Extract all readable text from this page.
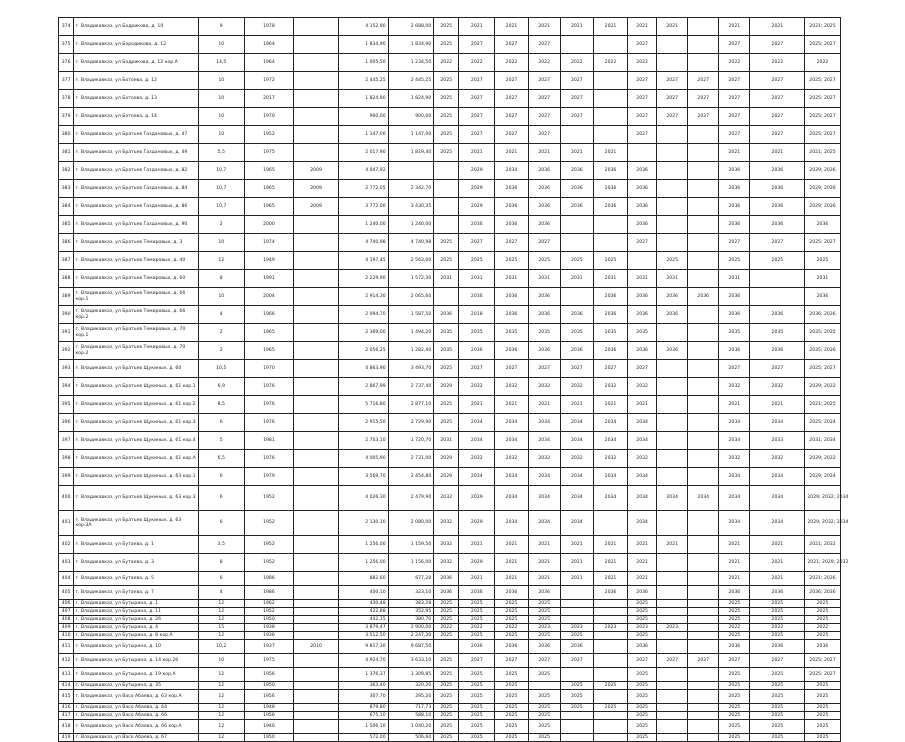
374	г. Владикавказ, ул Бодрикова, д. 10	9	1978		4 152,90	2 688,00	2025	2021	2021	2021	2021	2021	2021	2021		2021	2021	2021; 2025
375	г. Владикавказ, ул Бородикова, д. 12	10	1964		1 834,90	1 834,90	2025	2027	2027	2027			2027			2027	2027	2025; 2027
376	г. Владикавказ, ул Бодрикова, д. 12 кор А	14,5	1964		1 005,50	1 234,50	2022	2022	2022	2022	2022	2022	2022			2022	2022	2022
377	г. Владикавказ, ул Ботоева, д. 12	10	1972		2 445,25	2 445,25	2025	2027	2027	2027	2027		2027	2027	2027	2027	2027	2025; 2027
378	г. Владикавказ, ул Ботоева, д. 13	10	2017		1 824,90	1 824,90	2025	2027	2027	2027	2027		2027	2027	2027	2027	2027	2025; 2027
379	г. Владикавказ, ул Ботоева, д. 14	10	1970		900,00	900,00	2025	2027	2027	2027	2027		2027	2027	2027	2027	2027	2025; 2027
380	г. Владикавказ, ул Братьев Газдановых, д. 47	10	1952		1 147,00	1 147,00	2025	2027	2027	2027			2027			2027	2027	2025; 2027
381	г. Владикавказ, ул Братьев Газдановых, д. 49	5,5	1975		2 017,90	1 819,40	2025	2021	2021	2021	2021	2021				2021	2021	2021; 2025
382	г. Владикавказ, ул Братьев Газдановых, д. 82	10,7	1965	2009	4 047,92			2029	2034	2036	2036	2036	2036			2036	2036	2029; 2036
383	г. Владикавказ, ул Братьев Газдановых, д. 84	10,7	1965	2009	2 772,05	2 342,70		2029	2036	2036	2036	2036	2036			2036	2036	2029; 2036
384	г. Владикавказ, ул Братьев Газдановых, д. 86	10,7	1965	2009	3 772,00	3 430,35		2029	2036	2036	2036	2036	2036			2036	2036	2029; 2036
385	г. Владикавказ, ул Братьев Газдановых, д. 90	2	2000		1 240,00	1 240,00		2036	2036	2036			2036			2036	2036	2036
386	г. Владикавказ, ул Братьев Темировых, д. 3	10	1974		4 740,98	4 740,98	2025	2027	2027	2027			2027			2027	2027	2025; 2027
387	г. Владикавказ, ул Братьев Темировых, д. 40	12	1949		4 197,45	2 563,00	2025	2025	2025	2025	2025	2025		2025		2025	2025	2025
388	г. Владикавказ, ул Братьев Темировых, д. 60	8	1991		2 229,90	1 572,30	2031	2031	2031	2031	2031	2031	2031	2031		2031		2031
389	г. Владикавказ, ул Братьев Темировых, д. 66 кор.1	10	2004		2 914,30	2 065,60		2036	2036	2036		2036	2036	2036	2036	2036		2036
390	г. Владикавказ, ул Братьев Темировых, д. 66 кор.2	4	1966		2 094,70	1 587,50	2036	2018	2036	2036	2036	2036	2036	2036		2036	2036	2036; 2036
391	г. Владикавказ, ул Братьев Темировых, д. 70 кор.1	2	1965		2 369,00	1 494,20	2035	2035	2035	2035	2035	2035	2035			2035	2035	2035; 2035
392	г. Владикавказ, ул Братьев Темировых, д. 70 кор.2	2	1965		2 056,25	1 282,40	2035	2036	2036	2036	2036	2036	2036	2036		2036	2036	2035; 2036
393	г. Владикавказ, ул Братьев Щукиных, д. 60	10,5	1970		4 863,90	3 493,70	2025	2027	2027	2027	2027	2027	2027			2027	2027	2025; 2027
394	г. Владикавказ, ул Братьев Щукиных, д. 61 кор.1	6,9	1976		2 867,99	2 737,40	2029	2032	2032	2032	2032	2032	2032			2032	2032	2029; 2032
395	г. Владикавказ, ул Братьев Щукиных, д. 61 кор.2	8,5	1976		5 716,80	2 877,10	2025	2021	2021	2021	2021	2021	2021			2021	2021	2021; 2025
396	г. Владикавказ, ул Братьев Щукиных, д. 61 кор.3	6	1976		2 915,50	2 729,90	2025	2034	2034	2034	2034	2034	2034			2034	2034	2025; 2034
397	г. Владикавказ, ул Братьев Щукиных, д. 61 кор.4	5	1981		2 703,10	1 720,70	2031	2034	2034	2034	2034	2034	2034			2034	2033	2031; 2034
398	г. Владикавказ, ул Братьев Щукиных, д. 61 кор.А	6,5	1976		4 005,90	2 731,00	2029	2032	2032	2032	2032	2032	2032			2032	2032	2029; 2032
399	г. Владикавказ, ул Братьев Щукиных, д. 63 кор.1	6	1979		3 569,70	2 454,80	2029	2034	2034	2034	2034	2034	2034			2034	2034	2029; 2034
400	г. Владикавказ, ул Братьев Щукиных, д. 63 кор.3	6	1952		4 026,30	2 479,90	2032	2029	2034	2034	2034	2034	2034	2034	2034	2034	2034	2029; 2032; 2034
401	г. Владикавказ, ул Братьев Щукиных, д. 63 кор.3А	6	1952		2 130,10	2 080,00	2032	2029	2034	2034	2034		2034			2034	2034	2029; 2032; 2034
402	г. Владикавказ, ул Бутаева, д. 1	3,5	1952		1 256,00	1 159,50	2032	2021	2021	2021	2021	2021	2021	2021		2021	2021	2021; 2032
403	г. Владикавказ, ул Бутаева, д. 3	8	1952		1 256,00	1 156,00	2032	2029	2021	2021	2021	2021	2021			2021	2021	2021; 2029; 2032
404	г. Владикавказ, ул Бутаева, д. 5	6	1986		882,60	677,20	2036	2021	2021	2021	2021	2021	2021			2021	2021	2021; 2036
405	г. Владикавказ, ул Бутаева, д. 7	4	1986		400,10	323,10	2036	2036	2036	2036		2036	2036			2036	2036	2036; 2036
406	г. Владикавказ, ул Бутырина, д. 1	12	1962		430,48	383,28	2025	2025	2025	2025			2025			2025	2025	2025
407	г. Владикавказ, ул Бутырина, д. 11	12	1952		422,88	352,95	2025	2025	2025	2025			2025			2025	2025	2025
408	г. Владикавказ, ул Бутырина, д. 26	12	1950		442,15	380,70	2025	2025	2025	2025			2025			2025	2025	2025
409	г. Владикавказ, ул Бутырина, д. 4	15	1938		3 879,47	2 900,00	2022	2022	2022	2023	2023	2023	2023	2023		2022	2022	2022
410	г. Владикавказ, ул Бутырина, д. 8 кор.А	12	1936		3 512,50	2 247,30	2025	2025	2025	2025	2025		2025			2025	2025	2025
411	г. Владикавказ, ул Бутырина, д. 10	10,2	1937	2010	9 817,30	9 687,50		2036	2036	2036	2036		2036			2036	2036	2036
412	г. Владикавказ, ул Бутырина, д. 14 кор.2б	10	1975		4 924,70	3 633,10	2025	2027	2027	2027	2027		2027	2027	2027	2027	2027	2025; 2027
413	г. Владикавказ, ул Бутырина, д. 19 кор.А	12	1956		1 376,37	1 309,85	2025	2025	2025	2025			2025			2025	2025	2025; 2027
414	г. Владикавказ, ул Бутырина, д. 35	12	1950		363,40	320,20	2025	2025	2025		2025	2025	2025			2025	2025	2025
415	г. Владикавказ, ул Васо Абаева, д. 63 кор.А	12	1956		307,70	295,20	2025	2025	2025	2025	2025		2025			2025	2025	2025
416	г. Владикавказ, ул Васо Абаева, д. 64	12	1948		879,80	717,73	2025	2025	2025	2025	2025	2025	2025			2025	2025	2025
417	г. Владикавказ, ул Васо Абаева, д. 66	12	1956		675,10	588,10	2025	2025	2025	2025			2025			2025	2025	2025
418	г. Владикавказ, ул Васо Абаева, д. 66 кор.А	12	1940		1 506,10	1 040,20	2025	2025	2025	2025			2025			2025	2025	2025
419	г. Владикавказ, ул Васо Абаева, д. 67	12	1950		572,00	506,60	2025	2025	2025	2025			2025			2025	2025	2025
